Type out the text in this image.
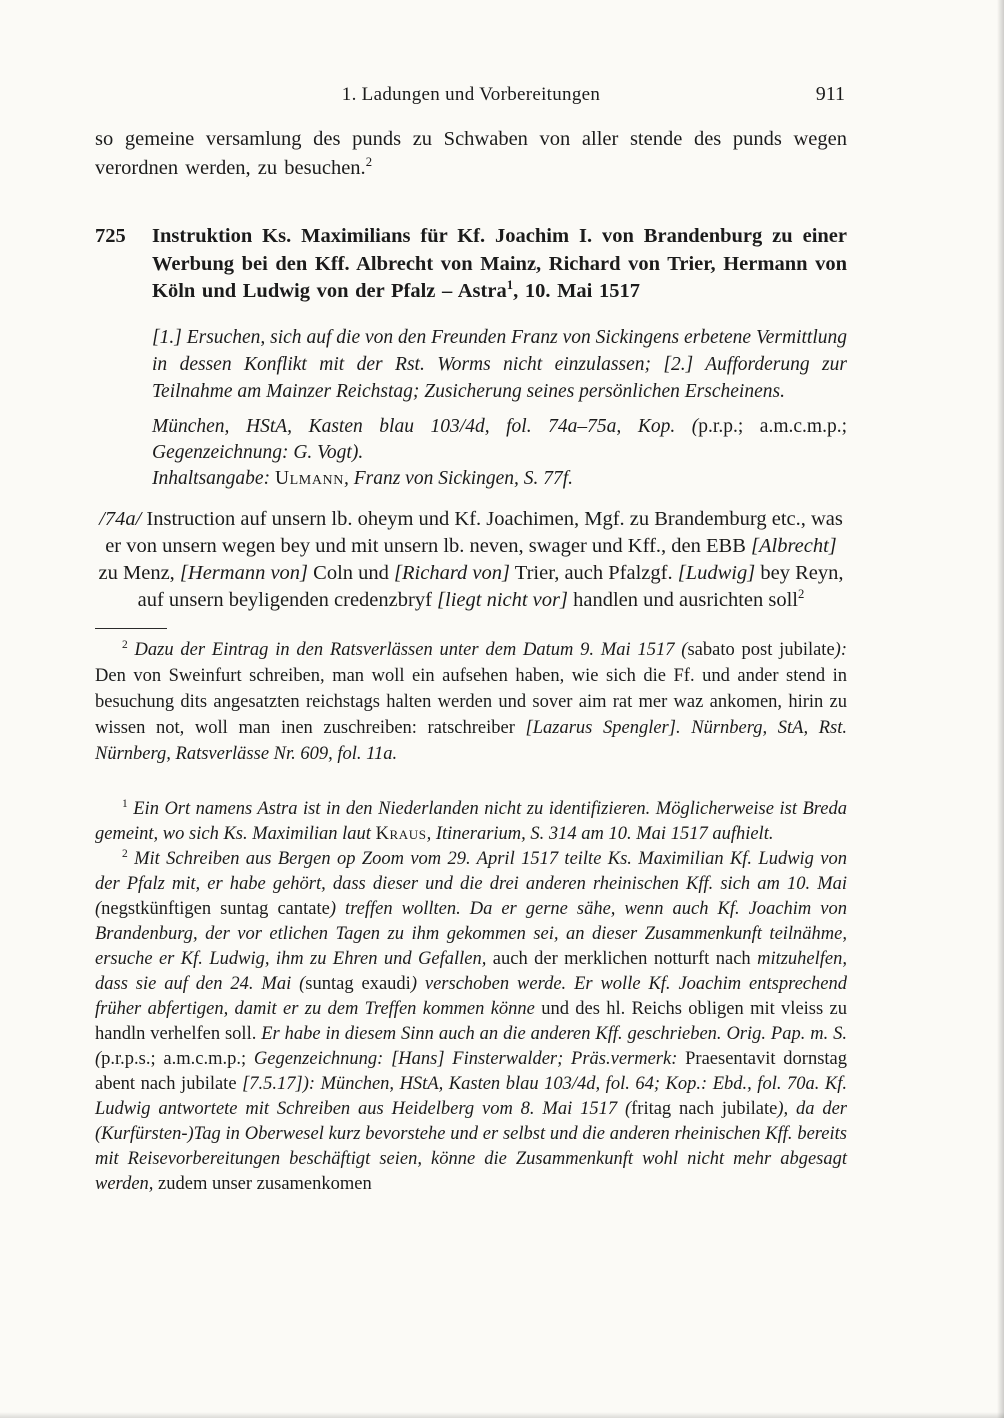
1. Ladungen und Vorbereitungen	911

so gemeine versamlung des punds zu Schwaben von aller stende des punds wegen verordnen werden, zu besuchen.$^2$

725 Instruktion Ks. Maximilians für Kf. Joachim I. von Brandenburg zu einer Werbung bei den Kff. Albrecht von Mainz, Richard von Trier, Hermann von Köln und Ludwig von der Pfalz – Astra$^1$, 10. Mai 1517

[1.] Ersuchen, sich auf die von den Freunden Franz von Sickingens erbetene Vermittlung in dessen Konflikt mit der Rst. Worms nicht einzulassen; [2.] Aufforderung zur Teilnahme am Mainzer Reichstag; Zusicherung seines persönlichen Erscheinens.

München, HStA, Kasten blau 103/4d, fol. 74a–75a, Kop. (p.r.p.; a.m.c.m.p.; Gegenzeichnung: G. Vogt).

Inhaltsangabe: Ulmann, Franz von Sickingen, S. 77f.

/74a/ Instruction auf unsern lb. oheym und Kf. Joachimen, Mgf. zu Brandemburg etc., was er von unsern wegen bey und mit unsern lb. neven, swager und Kff., den EBB [Albrecht] zu Menz, [Hermann von] Coln und [Richard von] Trier, auch Pfalzgf. [Ludwig] bey Reyn, auf unsern beyligenden credenzbryf [liegt nicht vor] handlen und ausrichten soll$^2$

$^2$ Dazu der Eintrag in den Ratsverlässen unter dem Datum 9. Mai 1517 (sabato post jubilate): Den von Sweinfurt schreiben, man woll ein aufsehen haben, wie sich die Ff. und ander stend in besuchung dits angesatzten reichstags halten werden und sover aim rat mer waz ankomen, hirin zu wissen not, woll man inen zuschreiben: ratschreiber [Lazarus Spengler]. Nürnberg, StA, Rst. Nürnberg, Ratsverlässe Nr. 609, fol. 11a.

$^1$ Ein Ort namens Astra ist in den Niederlanden nicht zu identifizieren. Möglicherweise ist Breda gemeint, wo sich Ks. Maximilian laut Kraus, Itinerarium, S. 314 am 10. Mai 1517 aufhielt.

$^2$ Mit Schreiben aus Bergen op Zoom vom 29. April 1517 teilte Ks. Maximilian Kf. Ludwig von der Pfalz mit, er habe gehört, dass dieser und die drei anderen rheinischen Kff. sich am 10. Mai (negstkünftigen suntag cantate) treffen wollten. Da er gerne sähe, wenn auch Kf. Joachim von Brandenburg, der vor etlichen Tagen zu ihm gekommen sei, an dieser Zusammenkunft teilnähme, ersuche er Kf. Ludwig, ihm zu Ehren und Gefallen, auch der merklichen notturft nach mitzuhelfen, dass sie auf den 24. Mai (suntag exaudi) verschoben werde. Er wolle Kf. Joachim entsprechend früher abfertigen, damit er zu dem Treffen kommen könne und des hl. Reichs obligen mit vleiss zu handln verhelfen soll. Er habe in diesem Sinn auch an die anderen Kff. geschrieben. Orig. Pap. m. S. (p.r.p.s.; a.m.c.m.p.; Gegenzeichnung: [Hans] Finsterwalder; Präs.vermerk: Praesentavit dornstag abent nach jubilate [7.5.17]): München, HStA, Kasten blau 103/4d, fol. 64; Kop.: Ebd., fol. 70a. Kf. Ludwig antwortete mit Schreiben aus Heidelberg vom 8. Mai 1517 (fritag nach jubilate), da der (Kurfürsten-)Tag in Oberwesel kurz bevorstehe und er selbst und die anderen rheinischen Kff. bereits mit Reisevorbereitungen beschäftigt seien, könne die Zusammenkunft wohl nicht mehr abgesagt werden, zudem unser zusamenkomen
